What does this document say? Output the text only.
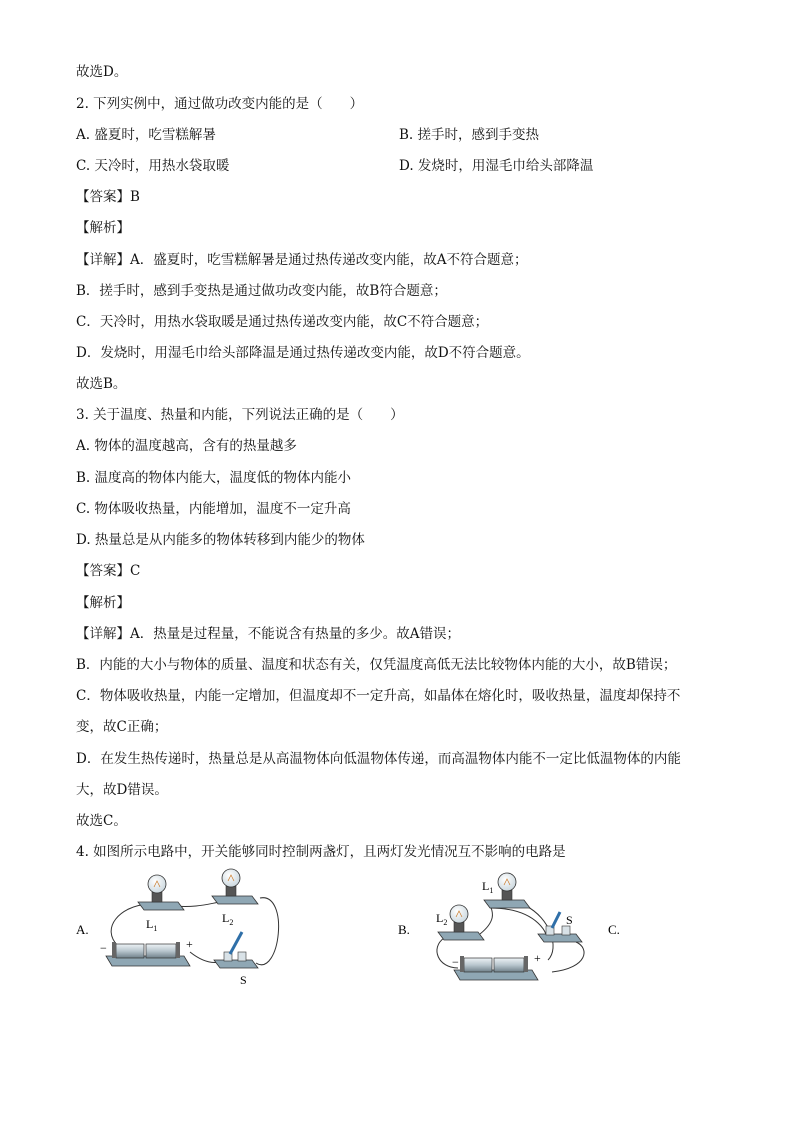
故选D。
2. 下列实例中，通过做功改变内能的是（　　）
A. 盛夏时，吃雪糕解暑	B. 搓手时，感到手变热
C. 天冷时，用热水袋取暖	D. 发烧时，用湿毛巾给头部降温
【答案】B
【解析】
【详解】A．盛夏时，吃雪糕解暑是通过热传递改变内能，故A不符合题意；
B．搓手时，感到手变热是通过做功改变内能，故B符合题意；
C．天冷时，用热水袋取暖是通过热传递改变内能，故C不符合题意；
D．发烧时，用湿毛巾给头部降温是通过热传递改变内能，故D不符合题意。
故选B。
3. 关于温度、热量和内能，下列说法正确的是（　　）
A. 物体的温度越高，含有的热量越多
B. 温度高的物体内能大，温度低的物体内能小
C. 物体吸收热量，内能增加，温度不一定升高
D. 热量总是从内能多的物体转移到内能少的物体
【答案】C
【解析】
【详解】A．热量是过程量，不能说含有热量的多少。故A错误；
B．内能的大小与物体的质量、温度和状态有关，仅凭温度高低无法比较物体内能的大小，故B错误；
C．物体吸收热量，内能一定增加，但温度却不一定升高，如晶体在熔化时，吸收热量，温度却保持不
变，故C正确；
D．在发生热传递时，热量总是从高温物体向低温物体传递，而高温物体内能不一定比低温物体的内能
大，故D错误。
故选C。
4. 如图所示电路中，开关能够同时控制两盏灯，且两灯发光情况互不影响的电路是
A.	$L_1$
$L_2$
−	+
S
B.
$L_1$
$L_2$	S
−	+
C.
